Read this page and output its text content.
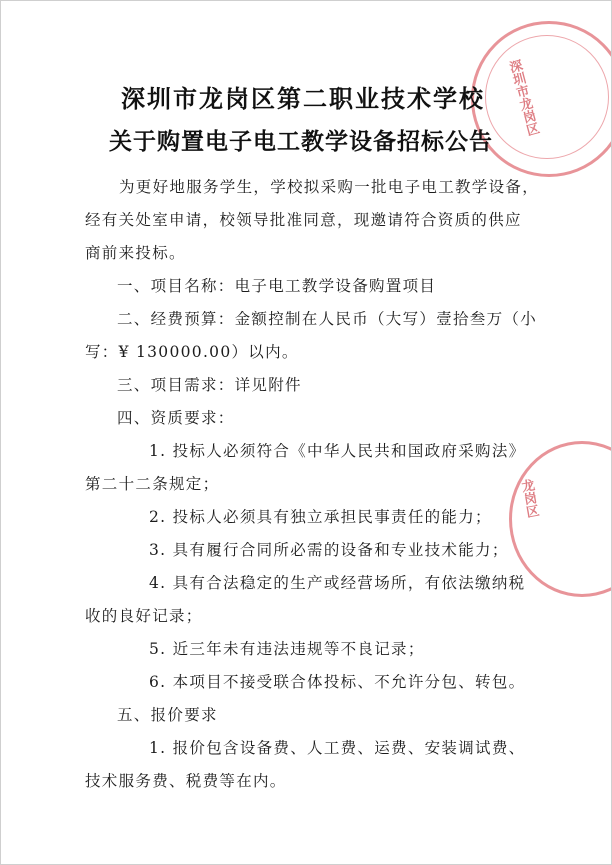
深圳市龙岗区
龙岗区
深圳市龙岗区第二职业技术学校
关于购置电子电工教学设备招标公告
为更好地服务学生，学校拟采购一批电子电工教学设备，
经有关处室申请，校领导批准同意，现邀请符合资质的供应
商前来投标。
一、项目名称：电子电工教学设备购置项目
二、经费预算：金额控制在人民币（大写）壹拾叁万（小
写：¥ 130000.00）以内。
三、项目需求：详见附件
四、资质要求：
1. 投标人必须符合《中华人民共和国政府采购法》
第二十二条规定；
2. 投标人必须具有独立承担民事责任的能力；
3. 具有履行合同所必需的设备和专业技术能力；
4. 具有合法稳定的生产或经营场所，有依法缴纳税
收的良好记录；
5. 近三年未有违法违规等不良记录；
6. 本项目不接受联合体投标、不允许分包、转包。
五、报价要求
1. 报价包含设备费、人工费、运费、安装调试费、
技术服务费、税费等在内。
